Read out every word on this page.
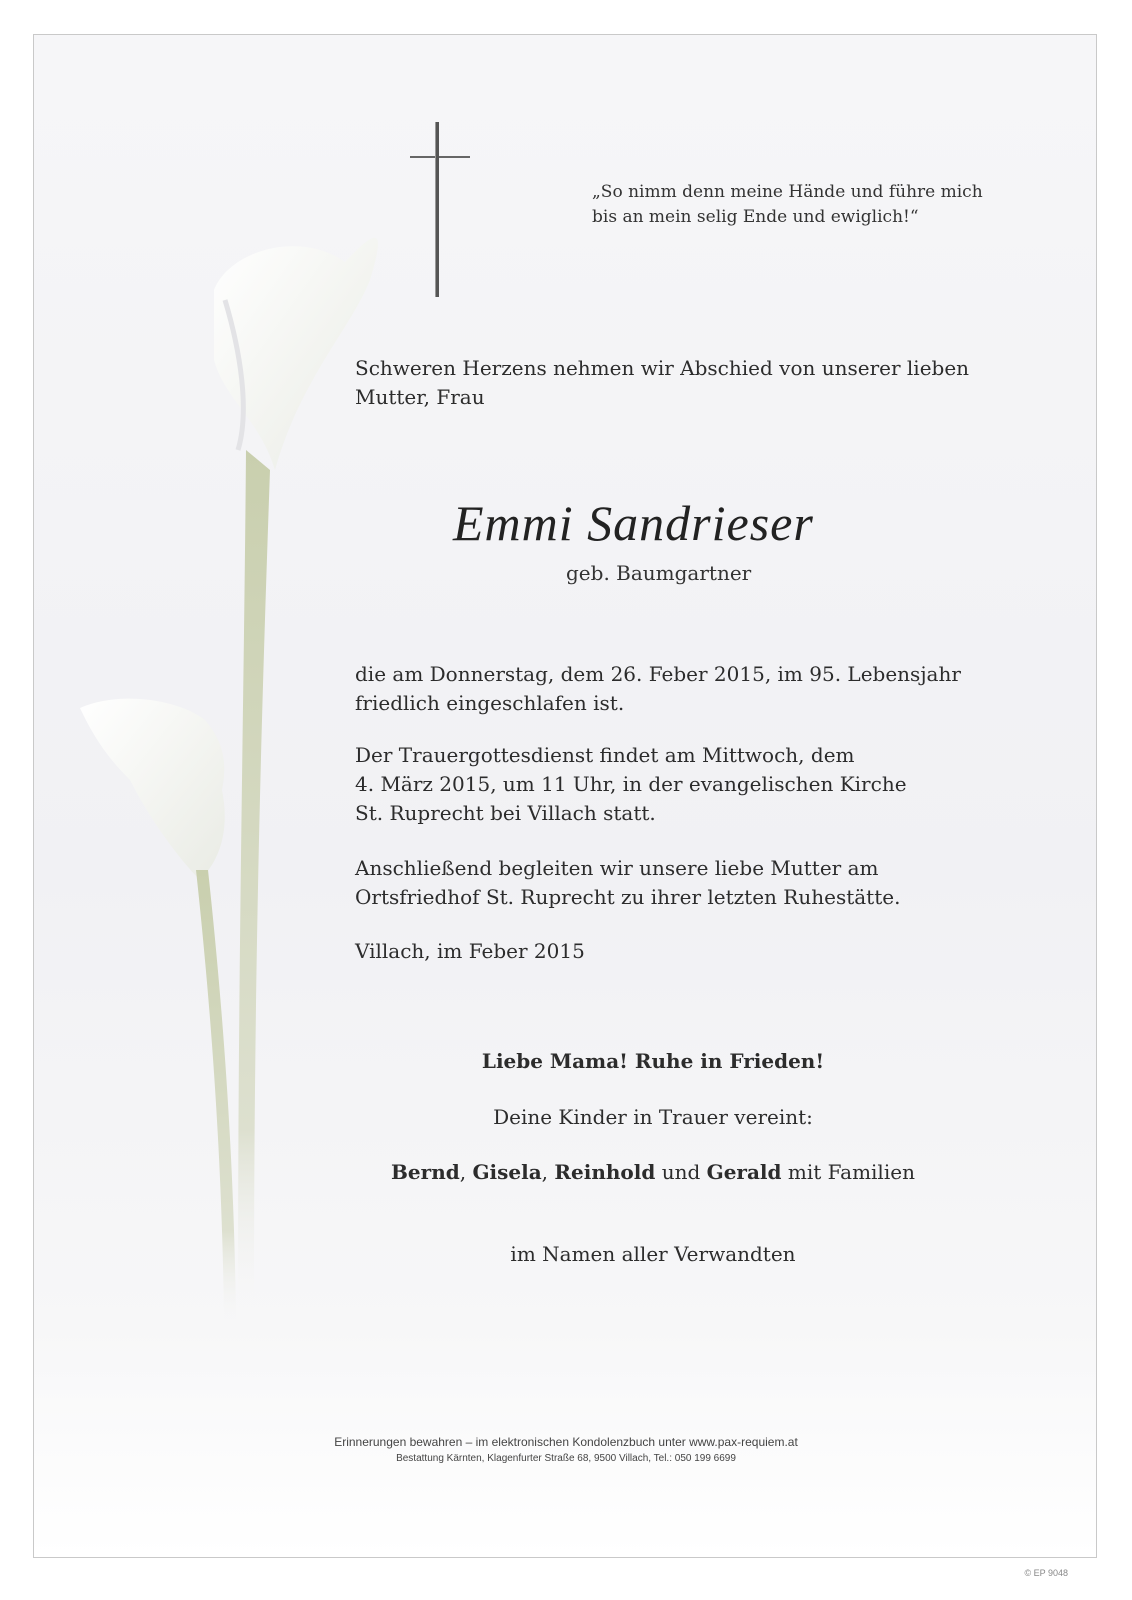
„So nimm denn meine Hände und führe mich
bis an mein selig Ende und ewiglich!“
Schweren Herzens nehmen wir Abschied von unserer lieben
Mutter, Frau
Emmi Sandrieser
geb. Baumgartner
die am Donnerstag, dem 26. Feber 2015, im 95. Lebensjahr
friedlich eingeschlafen ist.
Der Trauergottesdienst findet am Mittwoch, dem
4. März 2015, um 11 Uhr, in der evangelischen Kirche
St. Ruprecht bei Villach statt.
Anschließend begleiten wir unsere liebe Mutter am
Ortsfriedhof St. Ruprecht zu ihrer letzten Ruhestätte.
Villach, im Feber 2015
Liebe Mama! Ruhe in Frieden!
Deine Kinder in Trauer vereint:
Bernd, Gisela, Reinhold und Gerald mit Familien
im Namen aller Verwandten
Erinnerungen bewahren – im elektronischen Kondolenzbuch unter www.pax-requiem.at
Bestattung Kärnten, Klagenfurter Straße 68, 9500 Villach, Tel.: 050 199 6699
© EP 9048
